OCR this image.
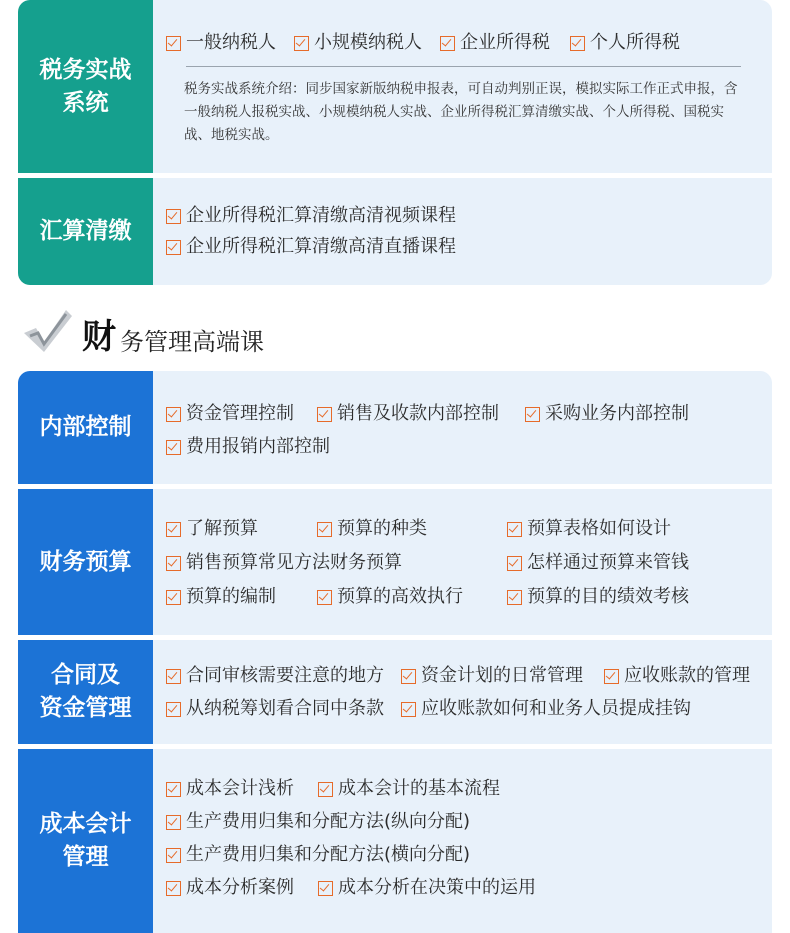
税务实战
系统
一般纳税人 小规模纳税人 企业所得税 个人所得税
税务实战系统介绍：同步国家新版纳税申报表，可自动判别正误，模拟实际工作正式申报，含一般纳税人报税实战、小规模纳税人实战、企业所得税汇算清缴实战、个人所得税、国税实战、地税实战。
汇算清缴
企业所得税汇算清缴高清视频课程
企业所得税汇算清缴高清直播课程
财 务管理高端课
内部控制
资金管理控制 销售及收款内部控制	采购业务内部控制
费用报销内部控制
财务预算
了解预算	预算的种类	预算表格如何设计
销售预算常见方法财务预算	怎样通过预算来管钱
预算的编制	预算的高效执行	预算的目的绩效考核
合同及
资金管理
合同审核需要注意的地方 资金计划的日常管理 应收账款的管理
从纳税筹划看合同中条款 应收账款如何和业务人员提成挂钩
成本会计
管理
成本会计浅析 成本会计的基本流程
生产费用归集和分配方法(纵向分配)
生产费用归集和分配方法(横向分配)
成本分析案例 成本分析在决策中的运用
